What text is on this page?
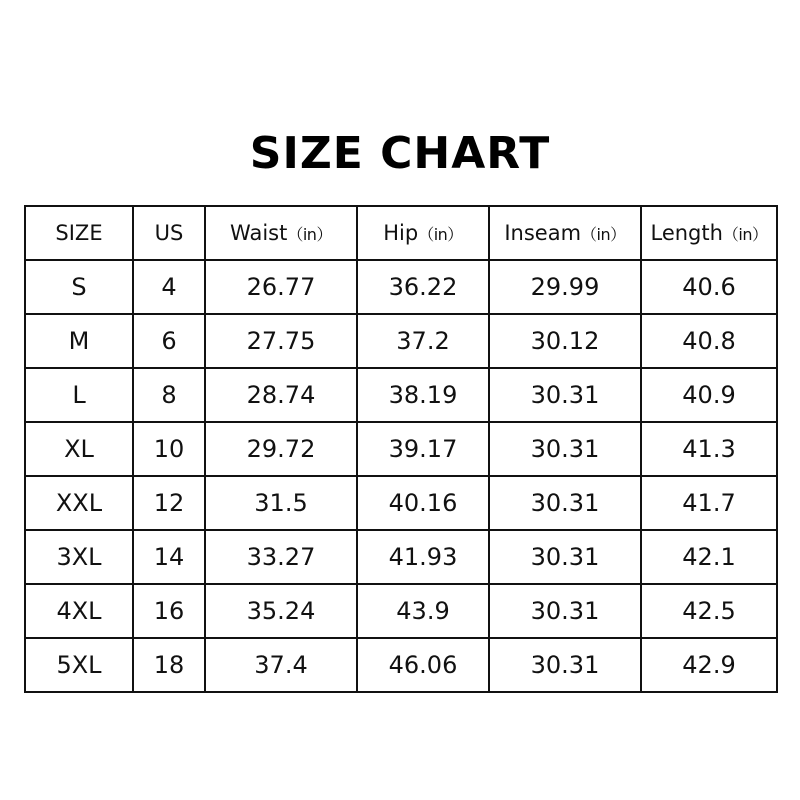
SIZE CHART
SIZE	US	Waist（in）	Hip（in）	Inseam（in）	Length（in）
S	4	26.77	36.22	29.99	40.6
M	6	27.75	37.2	30.12	40.8
L	8	28.74	38.19	30.31	40.9
XL	10	29.72	39.17	30.31	41.3
XXL	12	31.5	40.16	30.31	41.7
3XL	14	33.27	41.93	30.31	42.1
4XL	16	35.24	43.9	30.31	42.5
5XL	18	37.4	46.06	30.31	42.9
